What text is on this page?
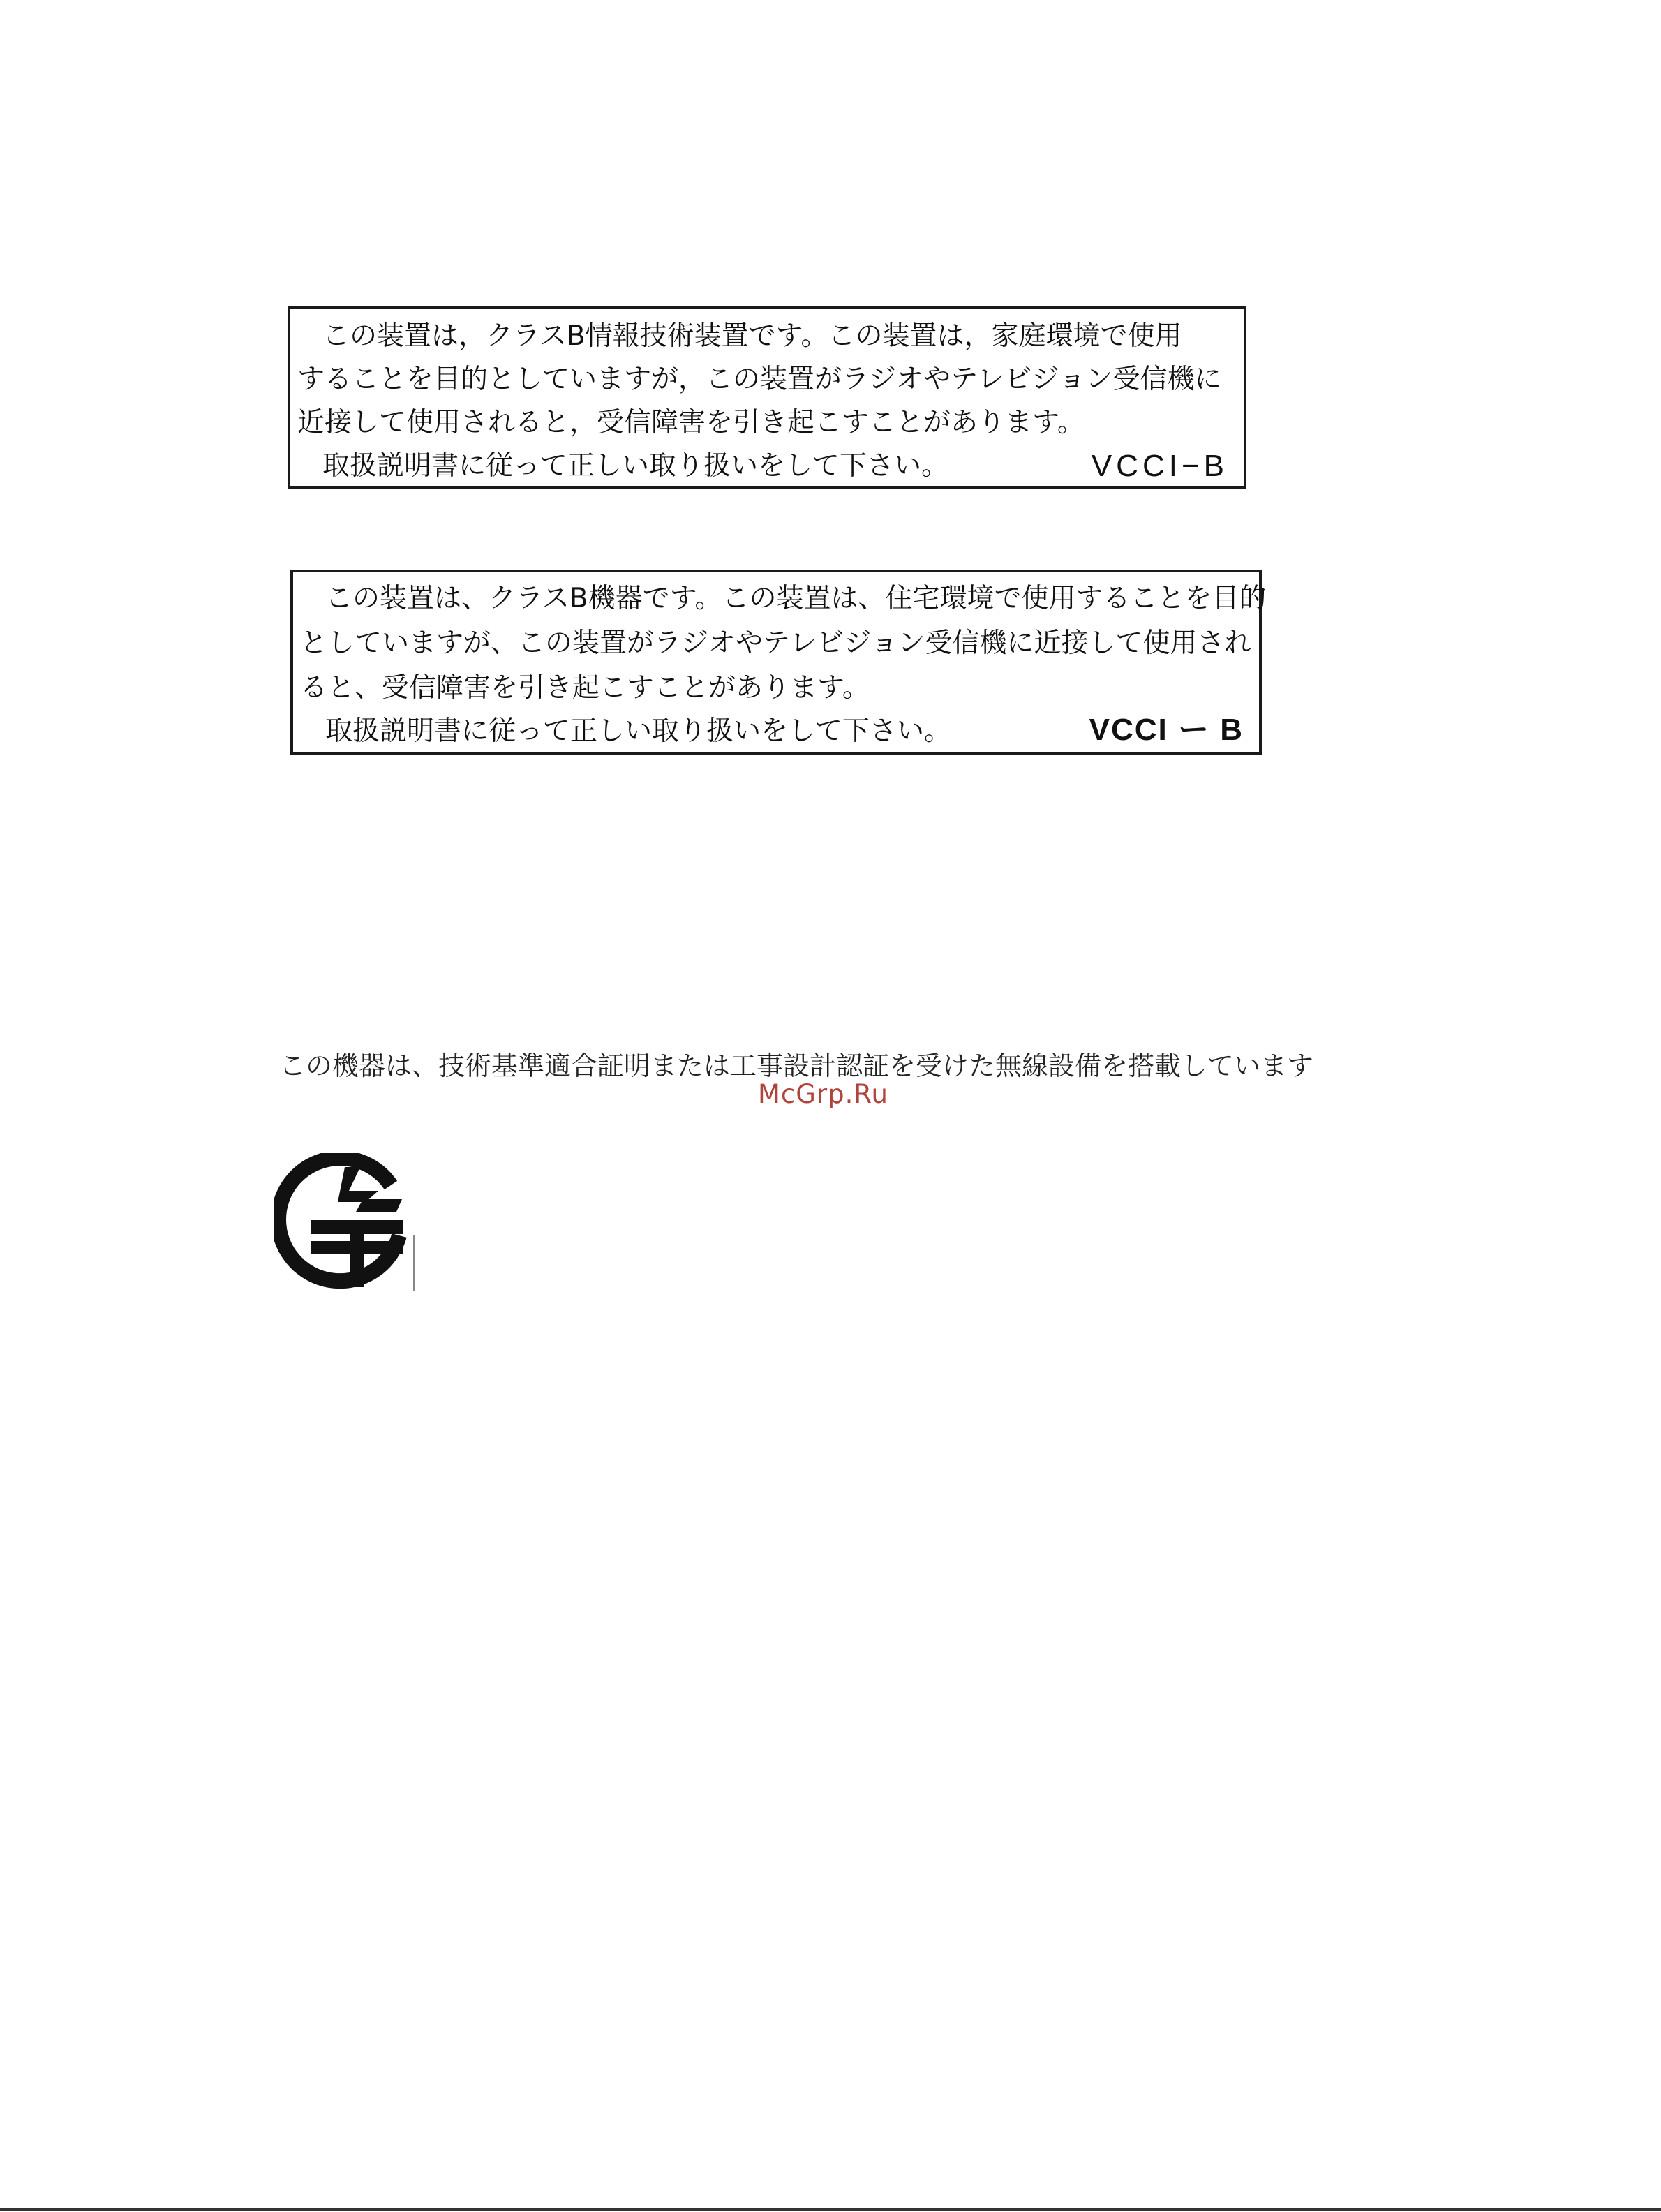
この装置は，クラスB情報技術装置です。この装置は，家庭環境で使用
することを目的としていますが，この装置がラジオやテレビジョン受信機に
近接して使用されると，受信障害を引き起こすことがあります。
取扱説明書に従って正しい取り扱いをして下さい。	VCCI−B
この装置は、クラスB機器です。この装置は、住宅環境で使用することを目的
としていますが、この装置がラジオやテレビジョン受信機に近接して使用され
ると、受信障害を引き起こすことがあります。
取扱説明書に従って正しい取り扱いをして下さい。	VCCI ー B
この機器は、技術基準適合証明または工事設計認証を受けた無線設備を搭載しています
McGrp.Ru
